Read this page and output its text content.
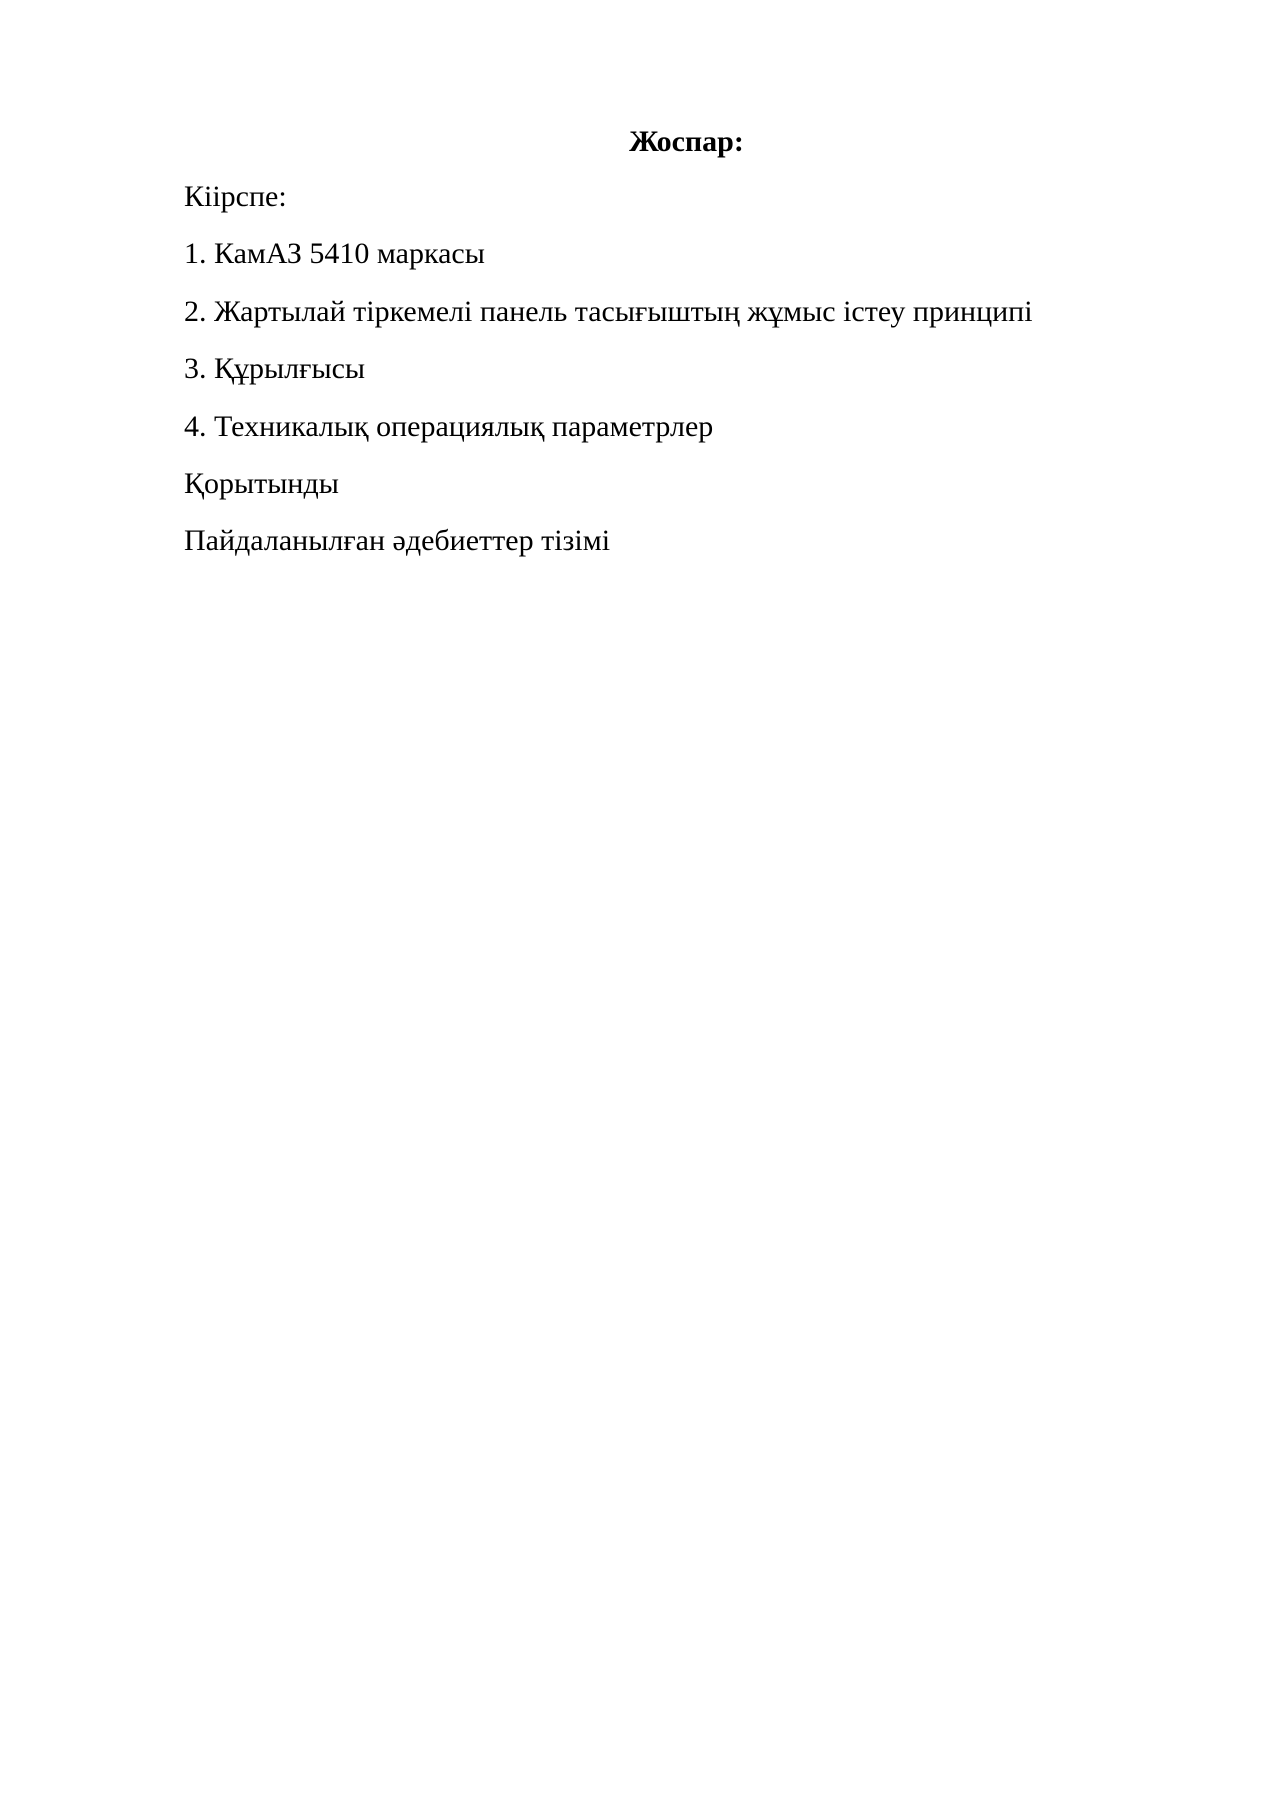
Жоспар:
Кіірспе:
1. КамАЗ 5410 маркасы
2. Жартылай тіркемелі панель тасығыштың жұмыс істеу принципі
3. Құрылғысы
4. Техникалық операциялық параметрлер
Қорытынды
Пайдаланылған әдебиеттер тізімі
